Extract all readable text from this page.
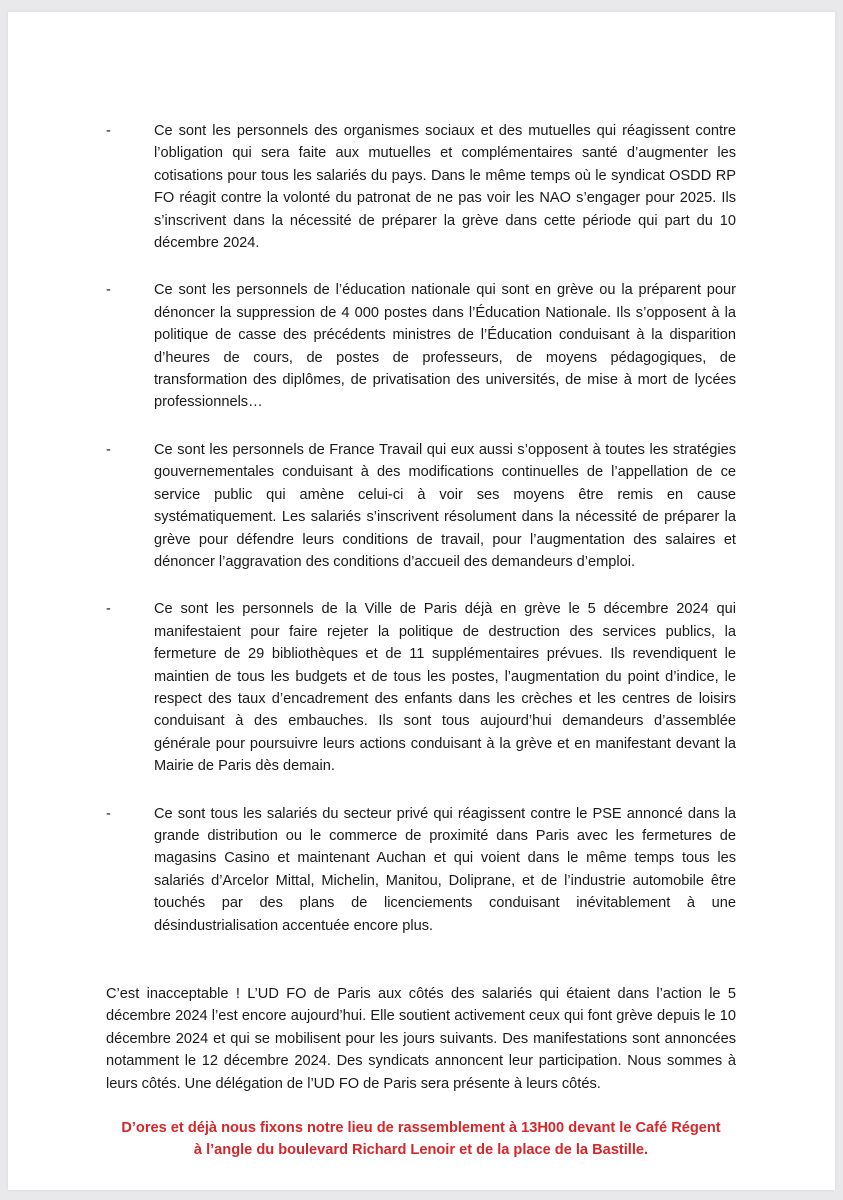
-	Ce sont les personnels des organismes sociaux et des mutuelles qui réagissent contre l’obligation qui sera faite aux mutuelles et complémentaires santé d’augmenter les cotisations pour tous les salariés du pays. Dans le même temps où le syndicat OSDD RP FO réagit contre la volonté du patronat de ne pas voir les NAO s’engager pour 2025. Ils s’inscrivent dans la nécessité de préparer la grève dans cette période qui part du 10 décembre 2024.
-	Ce sont les personnels de l’éducation nationale qui sont en grève ou la préparent pour dénoncer la suppression de 4 000 postes dans l’Éducation Nationale. Ils s’opposent à la politique de casse des précédents ministres de l’Éducation conduisant à la disparition d’heures de cours, de postes de professeurs, de moyens pédagogiques, de transformation des diplômes, de privatisation des universités, de mise à mort de lycées professionnels…
-	Ce sont les personnels de France Travail qui eux aussi s’opposent à toutes les stratégies gouvernementales conduisant à des modifications continuelles de l’appellation de ce service public qui amène celui-ci à voir ses moyens être remis en cause systématiquement. Les salariés s’inscrivent résolument dans la nécessité de préparer la grève pour défendre leurs conditions de travail, pour l’augmentation des salaires et dénoncer l’aggravation des conditions d’accueil des demandeurs d’emploi.
-	Ce sont les personnels de la Ville de Paris déjà en grève le 5 décembre 2024 qui manifestaient pour faire rejeter la politique de destruction des services publics, la fermeture de 29 bibliothèques et de 11 supplémentaires prévues. Ils revendiquent le maintien de tous les budgets et de tous les postes, l’augmentation du point d’indice, le respect des taux d’encadrement des enfants dans les crèches et les centres de loisirs conduisant à des embauches. Ils sont tous aujourd’hui demandeurs d’assemblée générale pour poursuivre leurs actions conduisant à la grève et en manifestant devant la Mairie de Paris dès demain.
-	Ce sont tous les salariés du secteur privé qui réagissent contre le PSE annoncé dans la grande distribution ou le commerce de proximité dans Paris avec les fermetures de magasins Casino et maintenant Auchan et qui voient dans le même temps tous les salariés d’Arcelor Mittal, Michelin, Manitou, Doliprane, et de l’industrie automobile être touchés par des plans de licenciements conduisant inévitablement à une désindustrialisation accentuée encore plus.

C’est inacceptable ! L’UD FO de Paris aux côtés des salariés qui étaient dans l’action le 5 décembre 2024 l’est encore aujourd’hui. Elle soutient activement ceux qui font grève depuis le 10 décembre 2024 et qui se mobilisent pour les jours suivants. Des manifestations sont annoncées notamment le 12 décembre 2024. Des syndicats annoncent leur participation. Nous sommes à leurs côtés. Une délégation de l’UD FO de Paris sera présente à leurs côtés.

D’ores et déjà nous fixons notre lieu de rassemblement à 13H00 devant le Café Régent à l’angle du boulevard Richard Lenoir et de la place de la Bastille.
